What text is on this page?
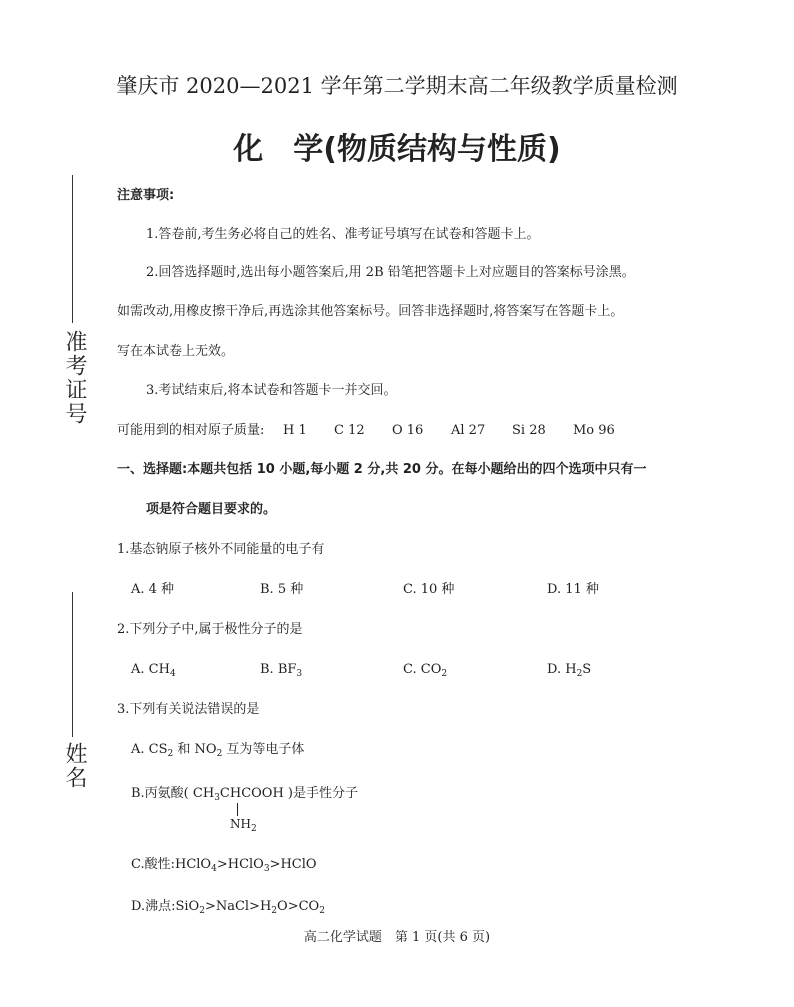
肇庆市 2020—2021 学年第二学期末高二年级教学质量检测
化　学(物质结构与性质)
准考证号
姓名
注意事项:
1.答卷前,考生务必将自己的姓名、准考证号填写在试卷和答题卡上。
2.回答选择题时,选出每小题答案后,用 2B 铅笔把答题卡上对应题目的答案标号涂黑。
如需改动,用橡皮擦干净后,再选涂其他答案标号。回答非选择题时,将答案写在答题卡上。
写在本试卷上无效。
3.考试结束后,将本试卷和答题卡一并交回。
可能用到的相对原子质量: H 1 C 12 O 16 Al 27 Si 28 Mo 96
一、选择题:本题共包括 10 小题,每小题 2 分,共 20 分。在每小题给出的四个选项中只有一
项是符合题目要求的。
1.基态钠原子核外不同能量的电子有
A. 4 种	B. 5 种	C. 10 种	D. 11 种
2.下列分子中,属于极性分子的是
A. $CH_4$	B. $BF_3$	C. $CO_2$	D. $H_2S$
3.下列有关说法错误的是
A. $CS_2$ 和 $NO_2$ 互为等电子体
B.丙氨酸( $CH_3CHCOOH$ )是手性分子
$NH_2$
C.酸性:HClO$_4$>HClO$_3$>HClO
D.沸点$:SiO_2>NaCl>H_2O>CO_2$
高二化学试题　第 1 页(共 6 页)
